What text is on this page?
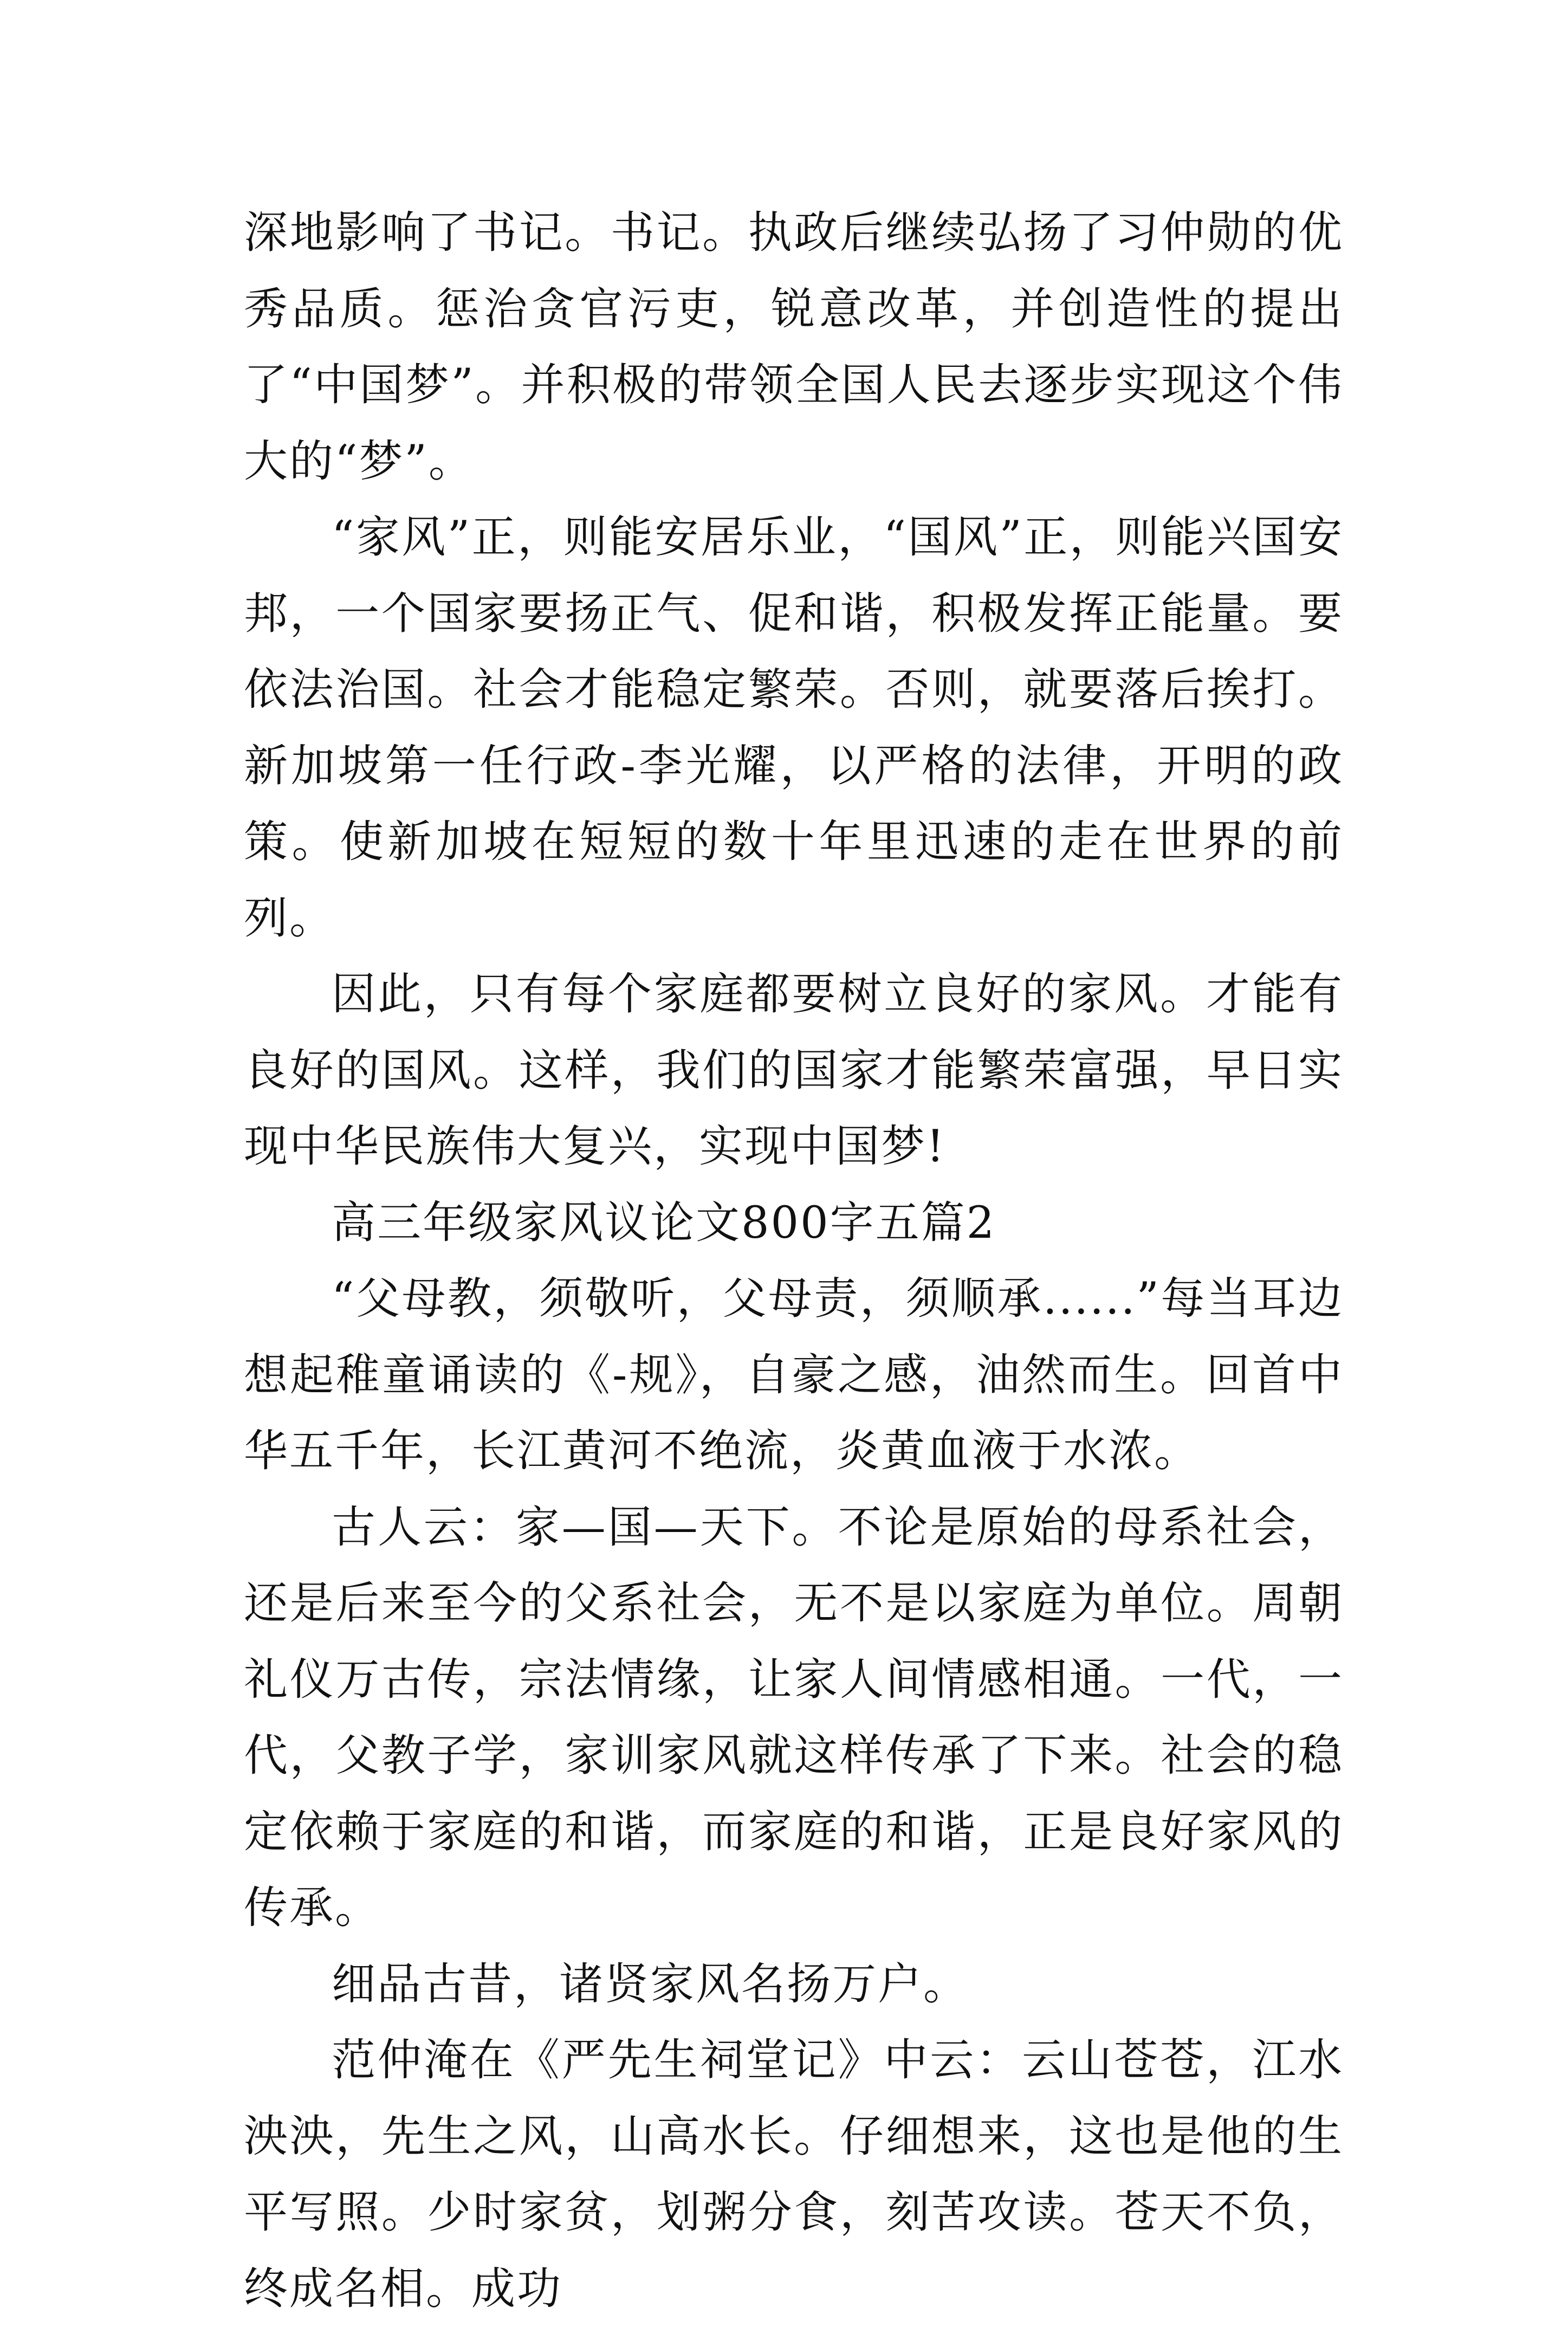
深地影响了书记。书记。执政后继续弘扬了习仲勋的优秀品质。惩治贪官污吏，锐意改革，并创造性的提出了“中国梦”。并积极的带领全国人民去逐步实现这个伟大的“梦”。

“家风”正，则能安居乐业，“国风”正，则能兴国安邦，一个国家要扬正气、促和谐，积极发挥正能量。要依法治国。社会才能稳定繁荣。否则，就要落后挨打。新加坡第一任行政-李光耀，以严格的法律，开明的政策。使新加坡在短短的数十年里迅速的走在世界的前列。

因此，只有每个家庭都要树立良好的家风。才能有良好的国风。这样，我们的国家才能繁荣富强，早日实现中华民族伟大复兴，实现中国梦!

高三年级家风议论文800字五篇2

“父母教，须敬听，父母责，须顺承......”每当耳边想起稚童诵读的《-规》，自豪之感，油然而生。回首中华五千年，长江黄河不绝流，炎黄血液于水浓。

古人云：家—国—天下。不论是原始的母系社会，还是后来至今的父系社会，无不是以家庭为单位。周朝礼仪万古传，宗法情缘，让家人间情感相通。一代，一代，父教子学，家训家风就这样传承了下来。社会的稳定依赖于家庭的和谐，而家庭的和谐，正是良好家风的传承。

细品古昔，诸贤家风名扬万户。

范仲淹在《严先生祠堂记》中云：云山苍苍，江水泱泱，先生之风，山高水长。仔细想来，这也是他的生平写照。少时家贫，划粥分食，刻苦攻读。苍天不负，终成名相。成功
